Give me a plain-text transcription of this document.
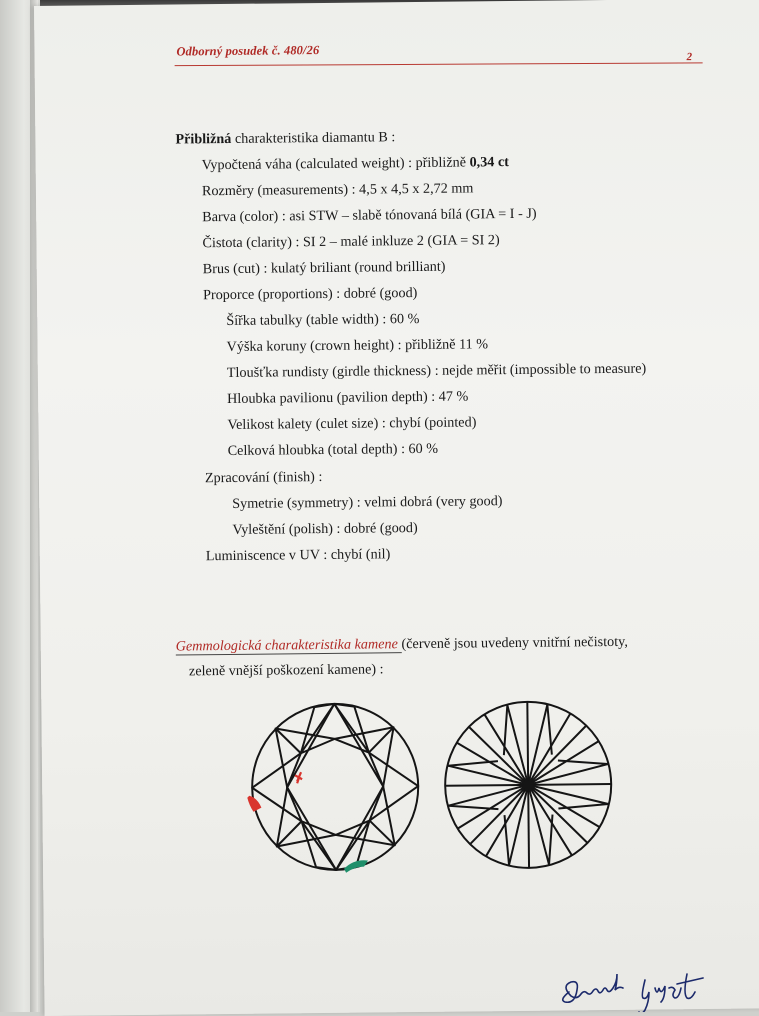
Odborný posudek č. 480/26	2
Přibližná charakteristika diamantu B :
Vypočtená váha (calculated weight) : přibližně 0,34 ct
Rozměry (measurements) : 4,5 x 4,5 x 2,72 mm
Barva (color) : asi STW – slabě tónovaná bílá (GIA = I - J)
Čistota (clarity) : SI 2 – malé inkluze 2 (GIA = SI 2)
Brus (cut) : kulatý briliant (round brilliant)
Proporce (proportions) : dobré (good)
Šířka tabulky (table width) : 60 %
Výška koruny (crown height) : přibližně 11 %
Tloušťka rundisty (girdle thickness) : nejde měřit (impossible to measure)
Hloubka pavilionu (pavilion depth) : 47 %
Velikost kalety (culet size) : chybí (pointed)
Celková hloubka (total depth) : 60 %
Zpracování (finish) :
Symetrie (symmetry) : velmi dobrá (very good)
Vyleštění (polish) : dobré (good)
Luminiscence v UV : chybí (nil)
Gemmologická charakteristika kamene (červeně jsou uvedeny vnitřní nečistoty,
zeleně vnější poškození kamene) :
